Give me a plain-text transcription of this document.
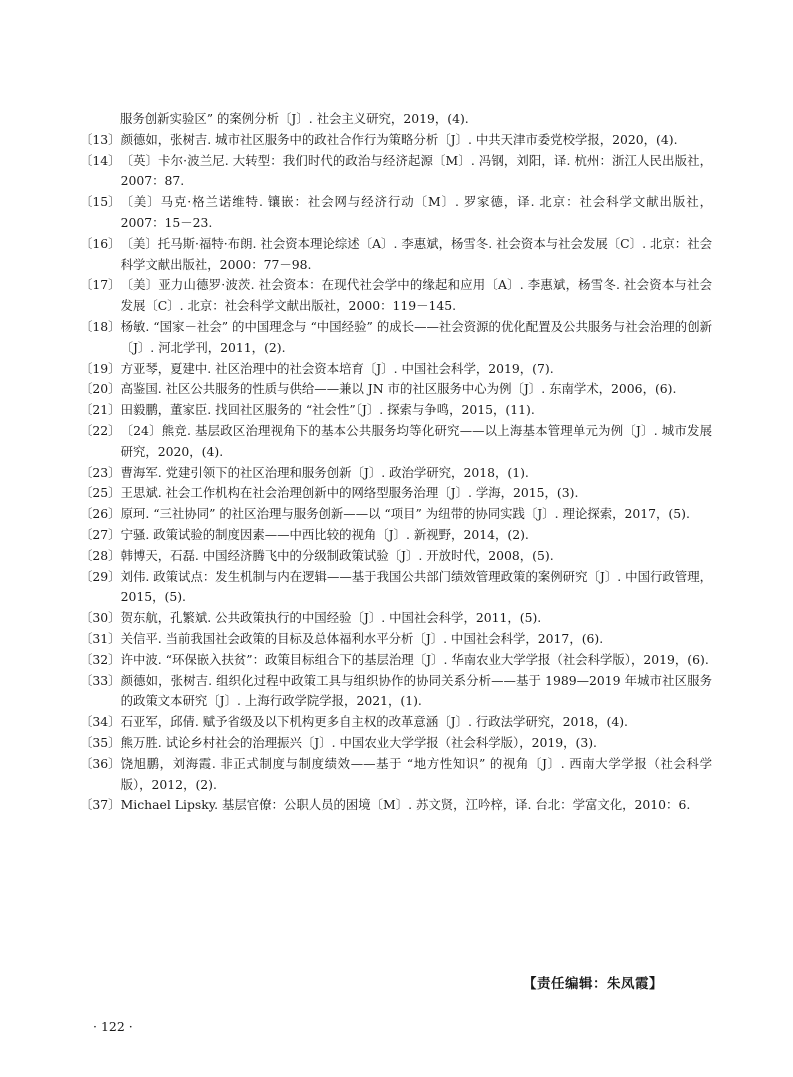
服务创新实验区” 的案例分析〔J〕. 社会主义研究，2019，(4).
〔13〕 颜德如，张树吉. 城市社区服务中的政社合作行为策略分析〔J〕. 中共天津市委党校学报，2020，(4).
〔14〕 〔英〕卡尔·波兰尼. 大转型：我们时代的政治与经济起源〔M〕. 冯钢，刘阳，译. 杭州：浙江人民出版社，2007：87.
〔15〕 〔美〕马克·格兰诺维特. 镶嵌：社会网与经济行动〔M〕. 罗家德，译. 北京：社会科学文献出版社，2007：15－23.
〔16〕 〔美〕托马斯·福特·布朗. 社会资本理论综述〔A〕. 李惠斌，杨雪冬. 社会资本与社会发展〔C〕. 北京：社会科学文献出版社，2000：77－98.
〔17〕 〔美〕亚力山德罗·波茨. 社会资本：在现代社会学中的缘起和应用〔A〕. 李惠斌，杨雪冬. 社会资本与社会发展〔C〕. 北京：社会科学文献出版社，2000：119－145.
〔18〕 杨敏. “国家－社会” 的中国理念与 “中国经验” 的成长——社会资源的优化配置及公共服务与社会治理的创新〔J〕. 河北学刊，2011，(2).
〔19〕 方亚琴，夏建中. 社区治理中的社会资本培育〔J〕. 中国社会科学，2019，(7).
〔20〕 高鉴国. 社区公共服务的性质与供给——兼以 JN 市的社区服务中心为例〔J〕. 东南学术，2006，(6).
〔21〕 田毅鹏，董家臣. 找回社区服务的 “社会性”〔J〕. 探索与争鸣，2015，(11).
〔22〕 〔24〕熊竞. 基层政区治理视角下的基本公共服务均等化研究——以上海基本管理单元为例〔J〕. 城市发展研究，2020，(4).
〔23〕 曹海军. 党建引领下的社区治理和服务创新〔J〕. 政治学研究，2018，(1).
〔25〕 王思斌. 社会工作机构在社会治理创新中的网络型服务治理〔J〕. 学海，2015，(3).
〔26〕 原珂. “三社协同” 的社区治理与服务创新——以 “项目” 为纽带的协同实践〔J〕. 理论探索，2017，(5).
〔27〕 宁骚. 政策试验的制度因素——中西比较的视角〔J〕. 新视野，2014，(2).
〔28〕 韩博天，石磊. 中国经济腾飞中的分级制政策试验〔J〕. 开放时代，2008，(5).
〔29〕 刘伟. 政策试点：发生机制与内在逻辑——基于我国公共部门绩效管理政策的案例研究〔J〕. 中国行政管理，2015，(5).
〔30〕 贺东航，孔繁斌. 公共政策执行的中国经验〔J〕. 中国社会科学，2011，(5).
〔31〕 关信平. 当前我国社会政策的目标及总体福利水平分析〔J〕. 中国社会科学，2017，(6).
〔32〕 许中波. “环保嵌入扶贫”：政策目标组合下的基层治理〔J〕. 华南农业大学学报（社会科学版），2019，(6).
〔33〕 颜德如，张树吉. 组织化过程中政策工具与组织协作的协同关系分析——基于 1989—2019 年城市社区服务的政策文本研究〔J〕. 上海行政学院学报，2021，(1).
〔34〕 石亚军，邱倩. 赋予省级及以下机构更多自主权的改革意涵〔J〕. 行政法学研究，2018，(4).
〔35〕 熊万胜. 试论乡村社会的治理振兴〔J〕. 中国农业大学学报（社会科学版），2019，(3).
〔36〕 饶旭鹏，刘海霞. 非正式制度与制度绩效——基于 “地方性知识” 的视角〔J〕. 西南大学学报（社会科学版），2012，(2).
〔37〕 Michael Lipsky. 基层官僚：公职人员的困境〔M〕. 苏文贤，江吟梓，译. 台北：学富文化，2010：6.
【责任编辑：朱凤霞】
· 122 ·
